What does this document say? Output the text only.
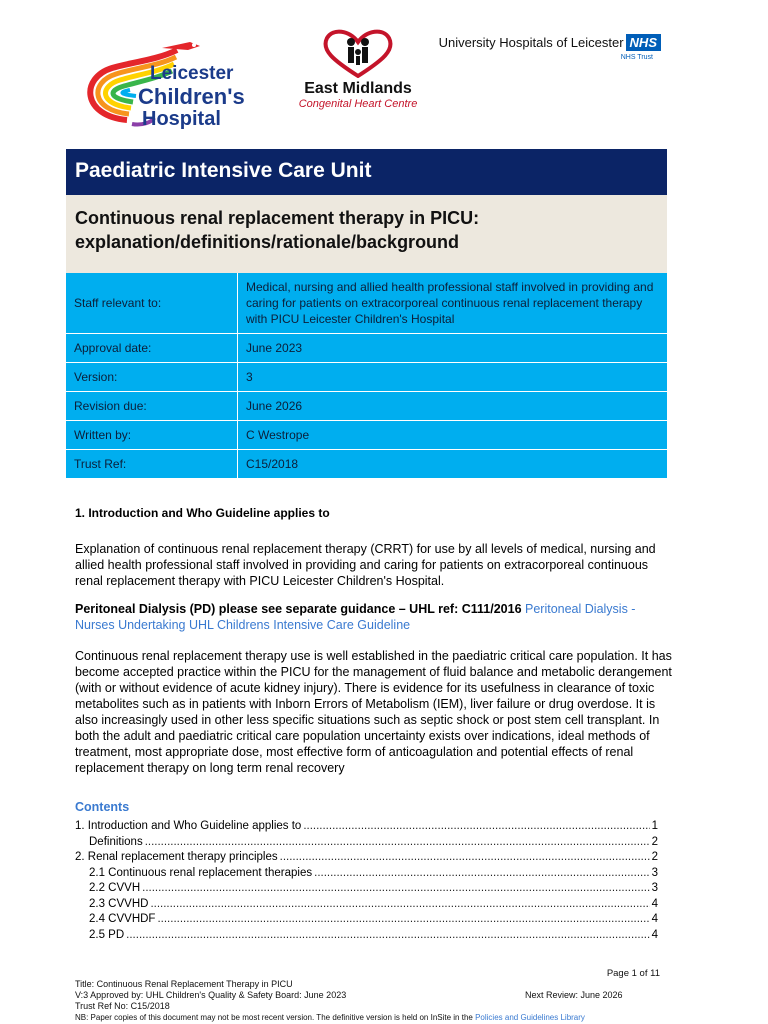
Leicester
Children's
Hospital
East Midlands
Congenital Heart Centre
University Hospitals of Leicester NHS
NHS Trust
Paediatric Intensive Care Unit
Continuous renal replacement therapy in PICU: explanation/definitions/rationale/background
Staff relevant to:	Medical, nursing and allied health professional staff involved in providing and caring for patients on extracorporeal continuous renal replacement therapy with PICU Leicester Children's Hospital
Approval date:	June 2023
Version:	3
Revision due:	June 2026
Written by:	C Westrope
Trust Ref:	C15/2018
1. Introduction and Who Guideline applies to
Explanation of continuous renal replacement therapy (CRRT) for use by all levels of medical, nursing and allied health professional staff involved in providing and caring for patients on extracorporeal continuous renal replacement therapy with PICU Leicester Children's Hospital.
Peritoneal Dialysis (PD) please see separate guidance – UHL ref: C111/2016 Peritoneal Dialysis - Nurses Undertaking UHL Childrens Intensive Care Guideline
Continuous renal replacement therapy use is well established in the paediatric critical care population. It has become accepted practice within the PICU for the management of fluid balance and metabolic derangement (with or without evidence of acute kidney injury). There is evidence for its usefulness in clearance of toxic metabolites such as in patients with Inborn Errors of Metabolism (IEM), liver failure or drug overdose. It is also increasingly used in other less specific situations such as septic shock or post stem cell transplant. In both the adult and paediatric critical care population uncertainty exists over indications, ideal methods of treatment, most appropriate dose, most effective form of anticoagulation and potential effects of renal replacement therapy on long term renal recovery
Contents
1. Introduction and Who Guideline applies to .....	1
Definitions .....	2
2. Renal replacement therapy principles .....	2
2.1 Continuous renal replacement therapies .....	3
2.2 CVVH .....	3
2.3 CVVHD .....	4
2.4 CVVHDF .....	4
2.5 PD .....	4
Page 1 of 11
Title: Continuous Renal Replacement Therapy in PICU
V:3 Approved by: UHL Children's Quality & Safety Board: June 2023	Next Review: June 2026
Trust Ref No: C15/2018
NB: Paper copies of this document may not be most recent version. The definitive version is held on InSite in the Policies and Guidelines Library
